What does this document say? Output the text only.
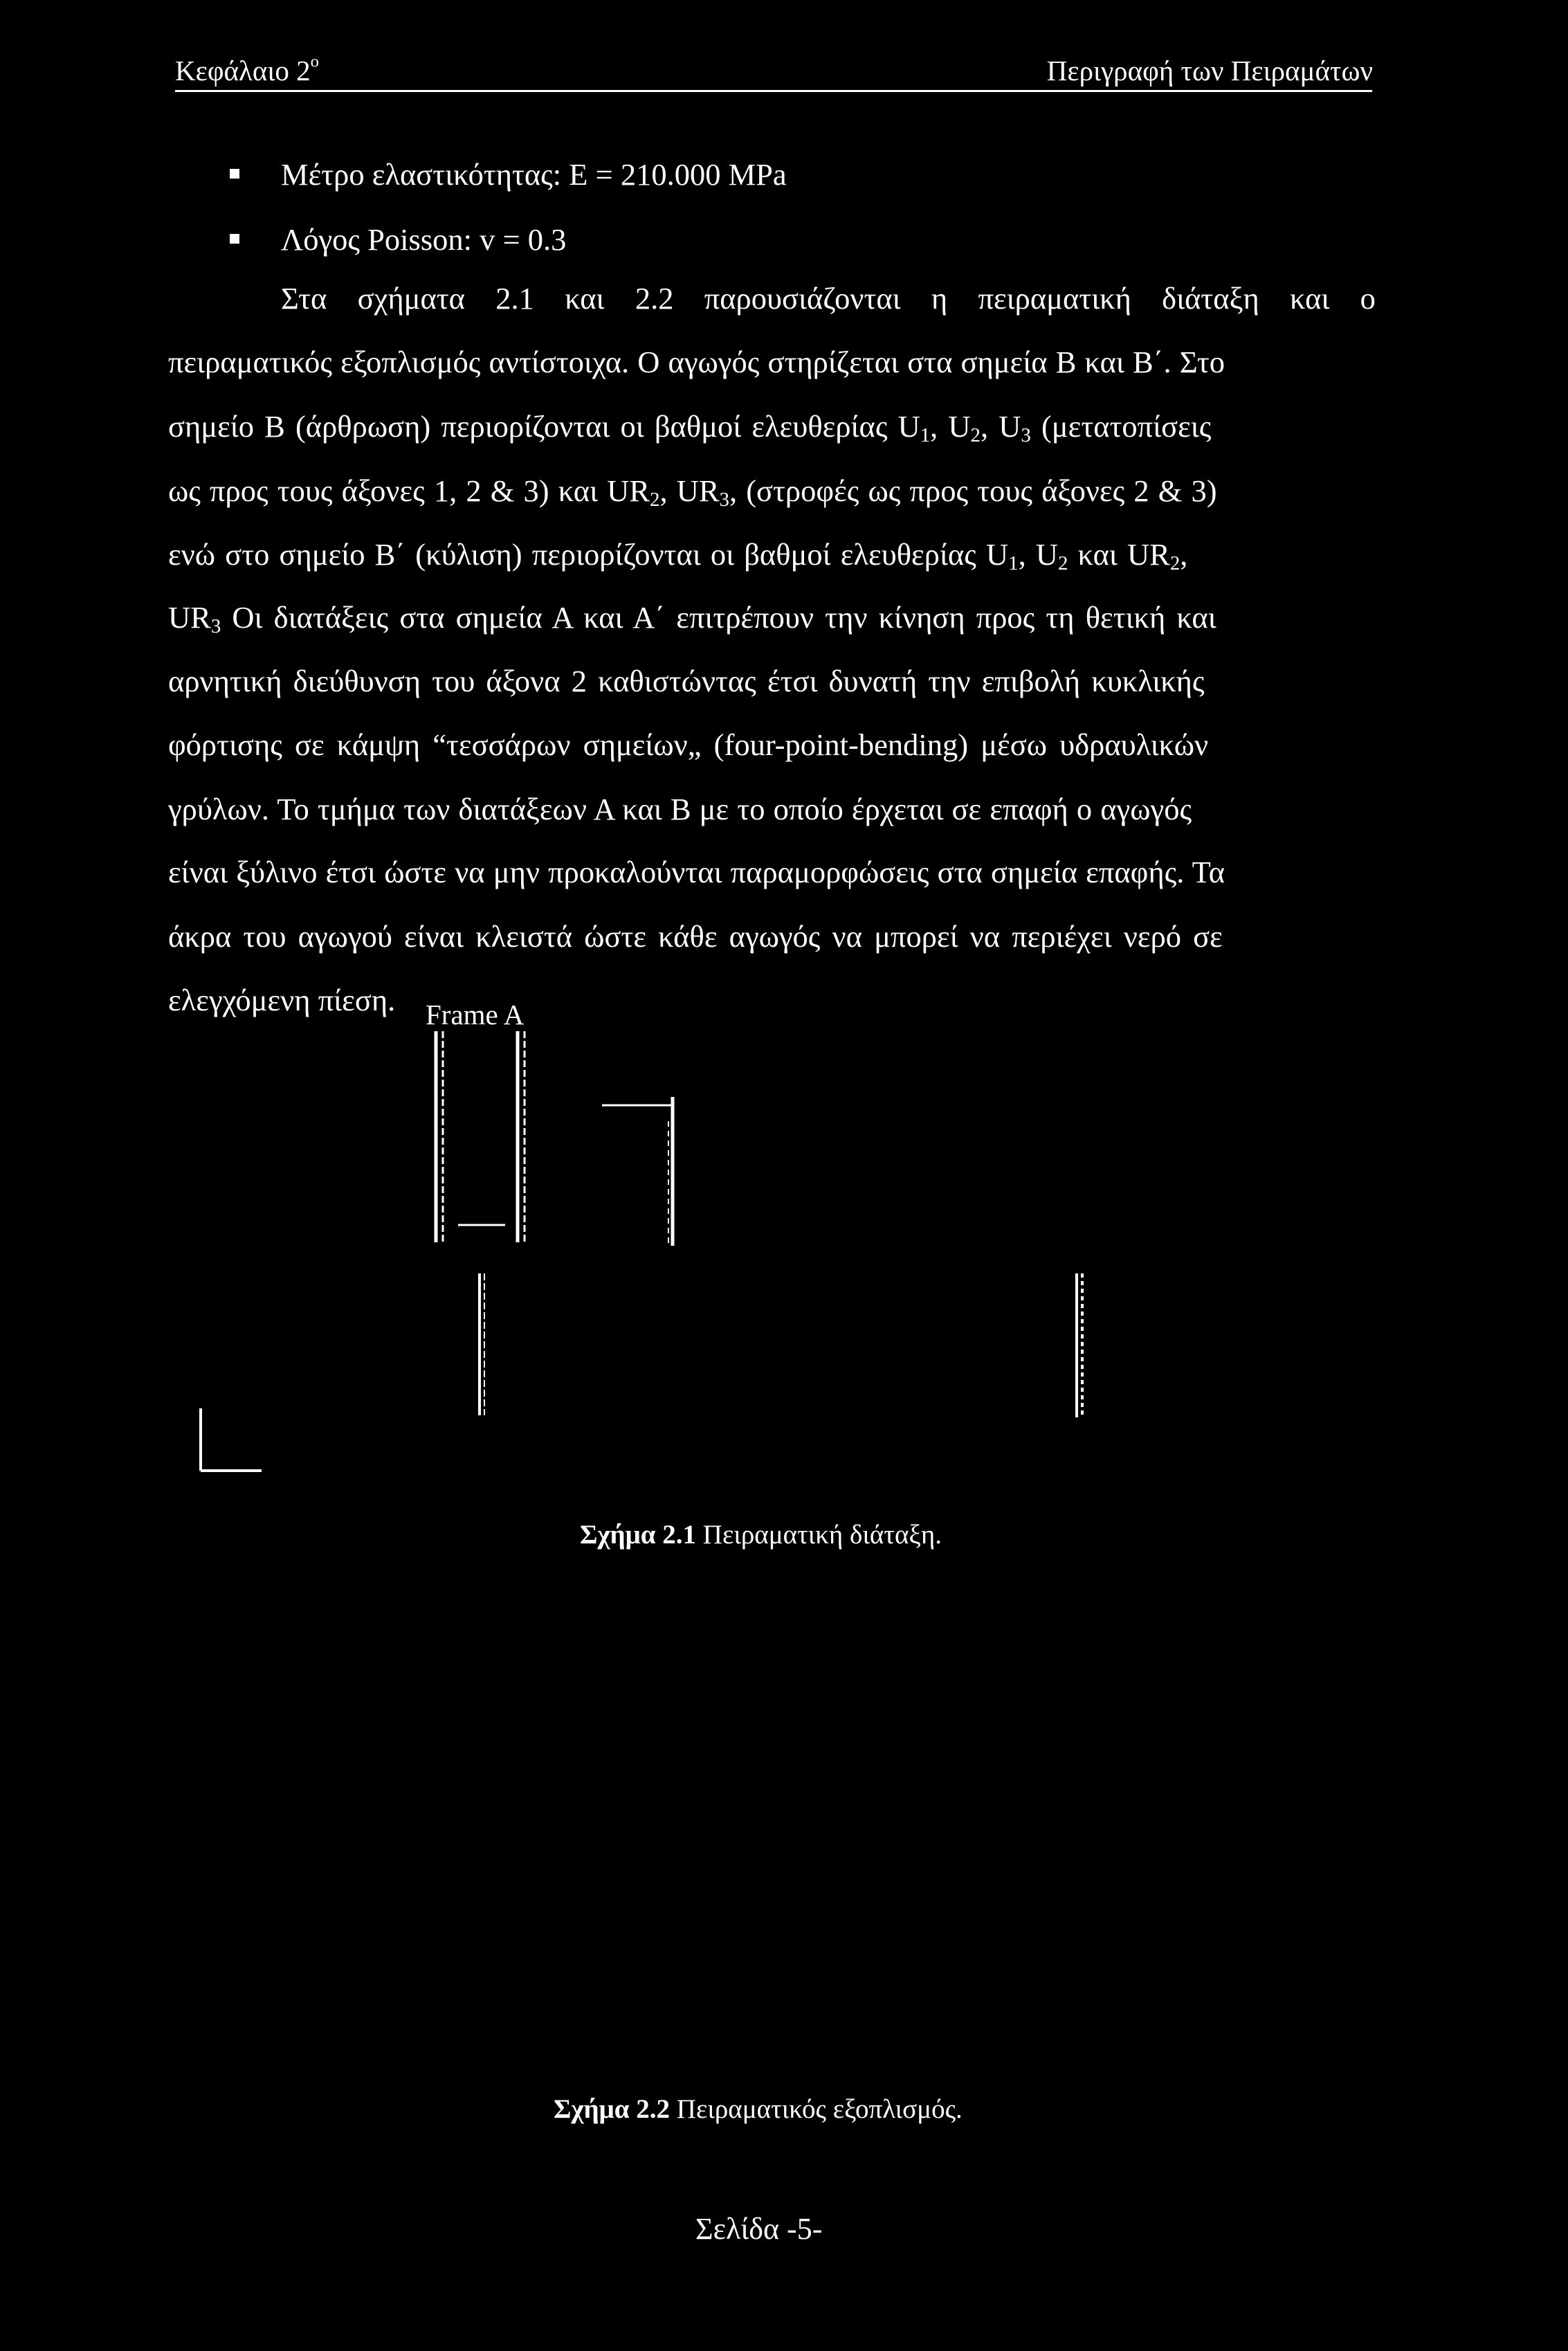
Κεφάλαιο $2^o$	Περιγραφή των Πειραμάτων
Μέτρο ελαστικότητας: E = 210.000 MPa
Λόγος Poisson: v = 0.3
Στα σχήματα 2.1 και 2.2 παρουσιάζονται η πειραματική διάταξη και ο
πειραματικός εξοπλισμός αντίστοιχα. Ο αγωγός στηρίζεται στα σημεία Β και Β΄. Στο
σημείο Β (άρθρωση) περιορίζονται οι βαθμοί ελευθερίας $U_1$, $U_2$, $U_3$ (μετατοπίσεις
ως προς τους άξονες 1, 2 & 3) και $UR_2$, $UR_3$, (στροφές ως προς τους άξονες 2 & 3)
ενώ στο σημείο Β΄ (κύλιση) περιορίζονται οι βαθμοί ελευθερίας $U_1$, $U_2$ και $UR_2$,
$UR_3$ Οι διατάξεις στα σημεία Α και Α΄ επιτρέπουν την κίνηση προς τη θετική και
αρνητική διεύθυνση του άξονα 2 καθιστώντας έτσι δυνατή την επιβολή κυκλικής
φόρτισης σε κάμψη “τεσσάρων σημείων„ (four-point-bending) μέσω υδραυλικών
γρύλων. Το τμήμα των διατάξεων Α και Β με το οποίο έρχεται σε επαφή ο αγωγός
είναι ξύλινο έτσι ώστε να μην προκαλούνται παραμορφώσεις στα σημεία επαφής. Τα
άκρα του αγωγού είναι κλειστά ώστε κάθε αγωγός να μπορεί να περιέχει νερό σε
ελεγχόμενη πίεση. Frame A
Σχήμα 2.1 Πειραματική διάταξη.
Σχήμα 2.2 Πειραματικός εξοπλισμός.
Σελίδα -5-
